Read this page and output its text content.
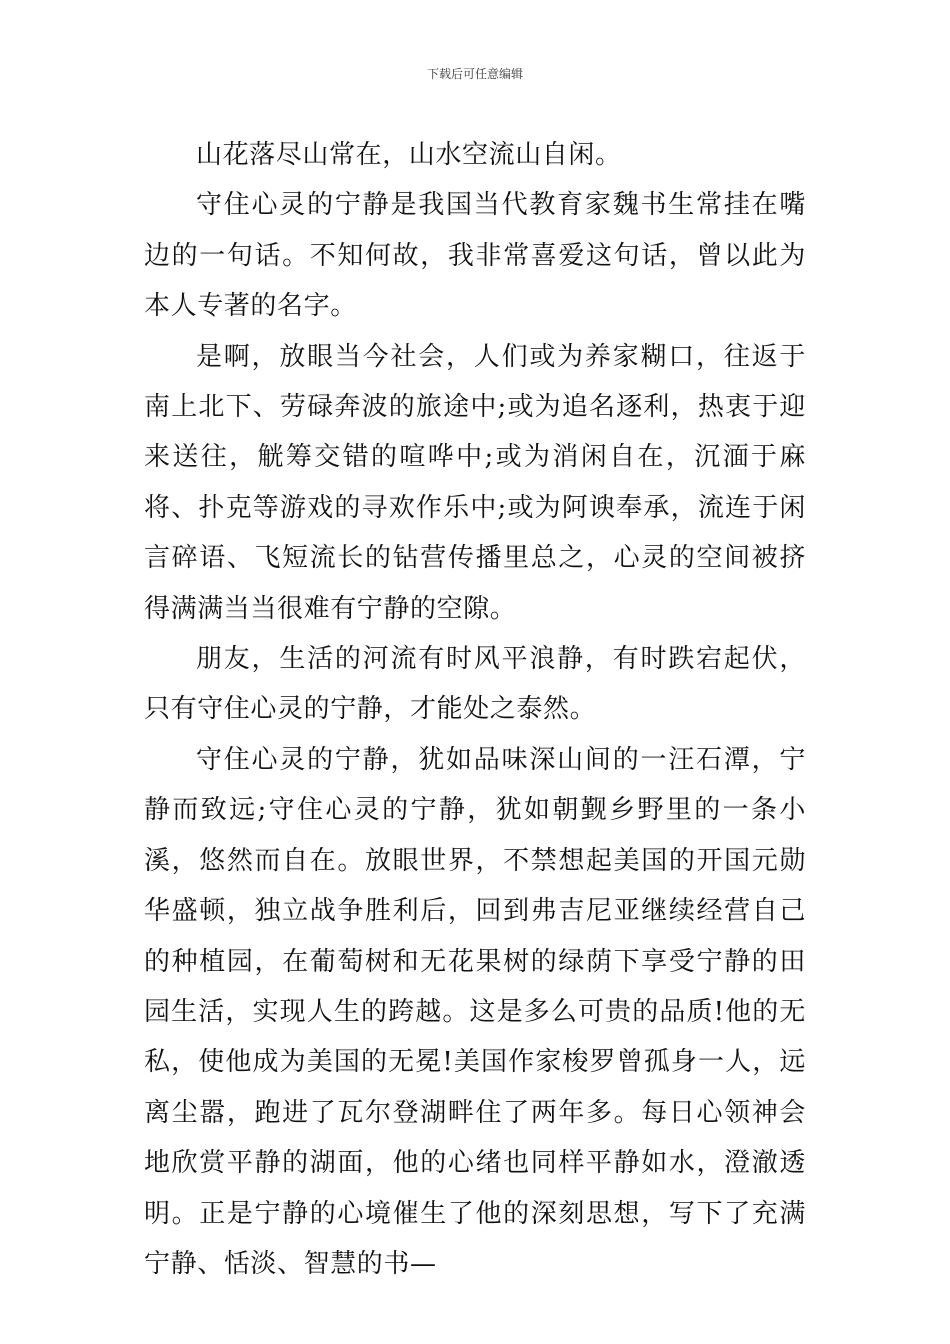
下载后可任意编辑

山花落尽山常在，山水空流山自闲。

守住心灵的宁静是我国当代教育家魏书生常挂在嘴边的一句话。不知何故，我非常喜爱这句话，曾以此为本人专著的名字。

是啊，放眼当今社会，人们或为养家糊口，往返于南上北下、劳碌奔波的旅途中;或为追名逐利，热衷于迎来送往，觥筹交错的喧哗中;或为消闲自在，沉湎于麻将、扑克等游戏的寻欢作乐中;或为阿谀奉承，流连于闲言碎语、飞短流长的钻营传播里总之，心灵的空间被挤得满满当当很难有宁静的空隙。

朋友，生活的河流有时风平浪静，有时跌宕起伏，只有守住心灵的宁静，才能处之泰然。

守住心灵的宁静，犹如品味深山间的一汪石潭，宁静而致远;守住心灵的宁静，犹如朝觐乡野里的一条小溪，悠然而自在。放眼世界，不禁想起美国的开国元勋华盛顿，独立战争胜利后，回到弗吉尼亚继续经营自己的种植园，在葡萄树和无花果树的绿荫下享受宁静的田园生活，实现人生的跨越。这是多么可贵的品质!他的无私，使他成为美国的无冕!美国作家梭罗曾孤身一人，远离尘嚣，跑进了瓦尔登湖畔住了两年多。每日心领神会地欣赏平静的湖面，他的心绪也同样平静如水，澄澈透明。正是宁静的心境催生了他的深刻思想，写下了充满宁静、恬淡、智慧的书—
